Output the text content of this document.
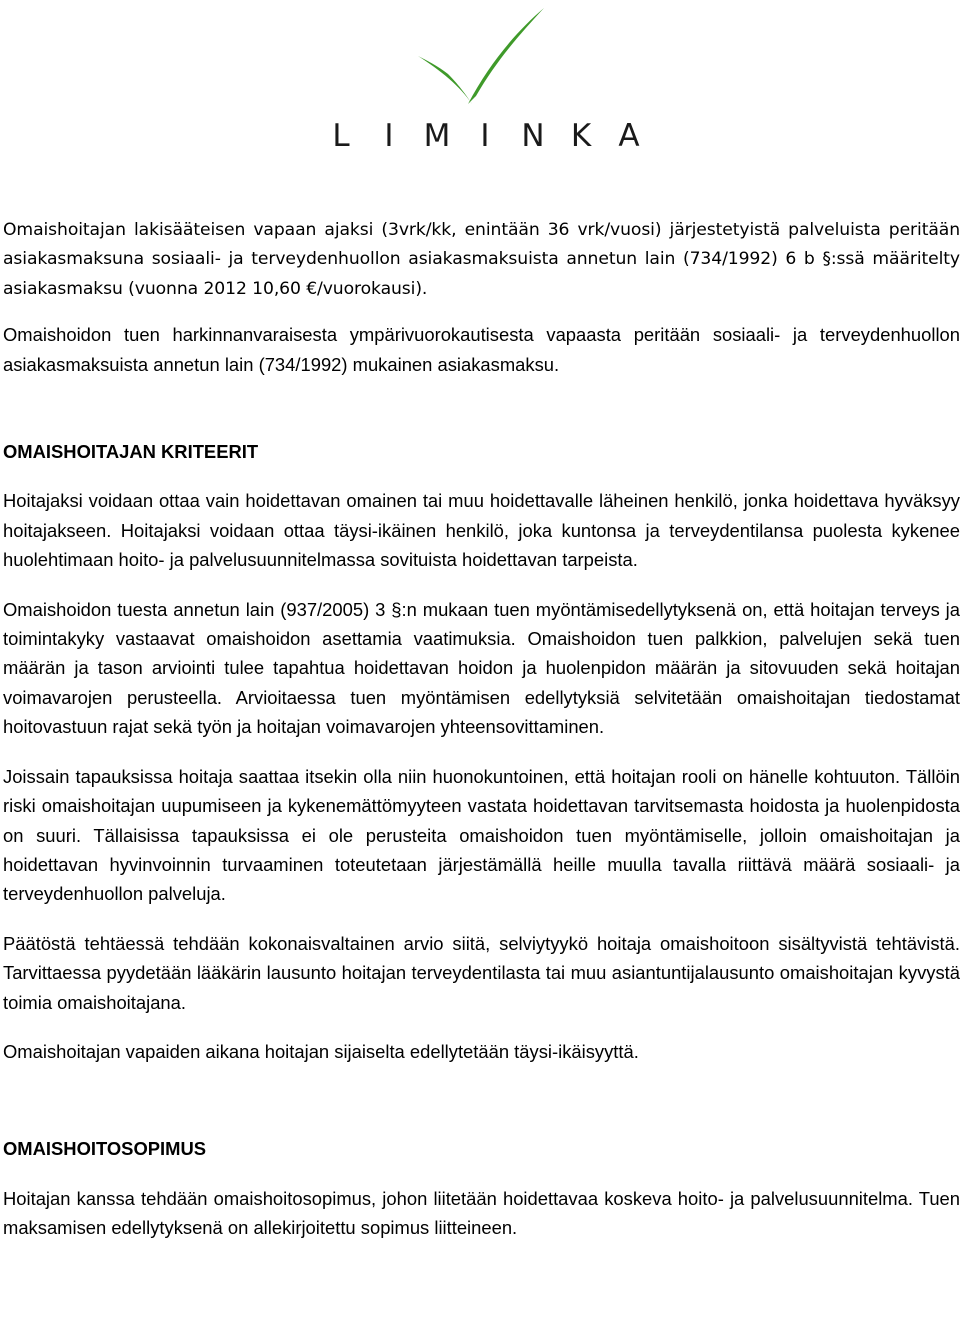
L	I M I	N K A

Omaishoitajan lakisääteisen vapaan ajaksi (3vrk/kk, enintään 36 vrk/vuosi) järjestetyistä palveluista peritään asiakasmaksuna sosiaali- ja terveydenhuollon asiakasmaksuista annetun lain (734/1992) 6 b §:ssä määritelty asiakasmaksu (vuonna 2012 10,60 €/vuorokausi).

Omaishoidon tuen harkinnanvaraisesta ympärivuorokautisesta vapaasta peritään sosiaali- ja terveydenhuollon asiakasmaksuista annetun lain (734/1992) mukainen asiakasmaksu.

OMAISHOITAJAN KRITEERIT

Hoitajaksi voidaan ottaa vain hoidettavan omainen tai muu hoidettavalle läheinen henkilö, jonka hoidettava hyväksyy hoitajakseen. Hoitajaksi voidaan ottaa täysi-ikäinen henkilö, joka kuntonsa ja terveydentilansa puolesta kykenee huolehtimaan hoito- ja palvelusuunnitelmassa sovituista hoidettavan tarpeista.

Omaishoidon tuesta annetun lain (937/2005) 3 §:n mukaan tuen myöntämisedellytyksenä on, että hoitajan terveys ja toimintakyky vastaavat omaishoidon asettamia vaatimuksia. Omaishoidon tuen palkkion, palvelujen sekä tuen määrän ja tason arviointi tulee tapahtua hoidettavan hoidon ja huolenpidon määrän ja sitovuuden sekä hoitajan voimavarojen perusteella. Arvioitaessa tuen myöntämisen edellytyksiä selvitetään omaishoitajan tiedostamat hoitovastuun rajat sekä työn ja hoitajan voimavarojen yhteensovittaminen.

Joissain tapauksissa hoitaja saattaa itsekin olla niin huonokuntoinen, että hoitajan rooli on hänelle kohtuuton. Tällöin riski omaishoitajan uupumiseen ja kykenemättömyyteen vastata hoidettavan tarvitsemasta hoidosta ja huolenpidosta on suuri. Tällaisissa tapauksissa ei ole perusteita omaishoidon tuen myöntämiselle, jolloin omaishoitajan ja hoidettavan hyvinvoinnin turvaaminen toteutetaan järjestämällä heille muulla tavalla riittävä määrä sosiaali- ja terveydenhuollon palveluja.

Päätöstä tehtäessä tehdään kokonaisvaltainen arvio siitä, selviytyykö hoitaja omaishoitoon sisältyvistä tehtävistä. Tarvittaessa pyydetään lääkärin lausunto hoitajan terveydentilasta tai muu asiantuntijalausunto omaishoitajan kyvystä toimia omaishoitajana.

Omaishoitajan vapaiden aikana hoitajan sijaiselta edellytetään täysi-ikäisyyttä.

OMAISHOITOSOPIMUS

Hoitajan kanssa tehdään omaishoitosopimus, johon liitetään hoidettavaa koskeva hoito- ja palvelusuunnitelma. Tuen maksamisen edellytyksenä on allekirjoitettu sopimus liitteineen.
